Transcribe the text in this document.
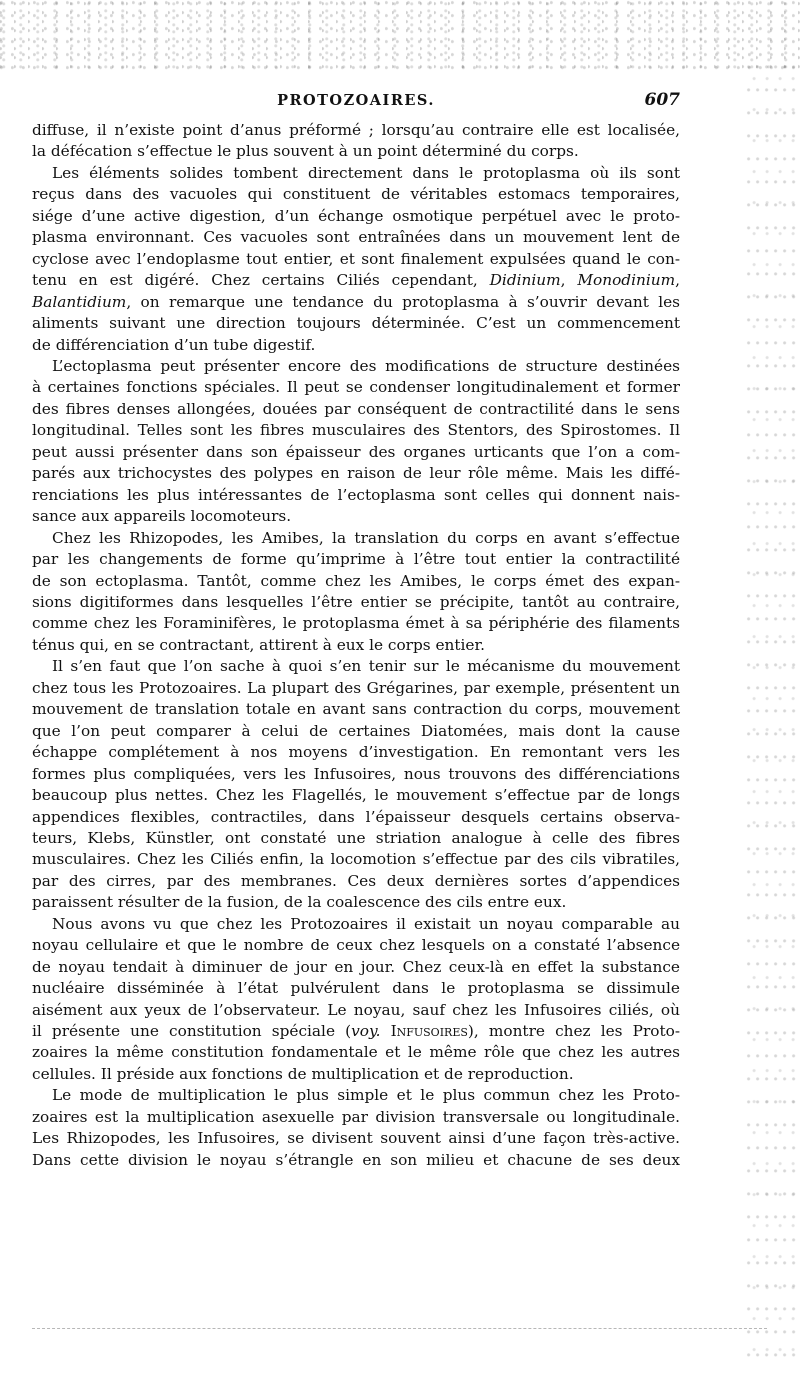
PROTOZOAIRES.	607
diffuse, il n’existe point d’anus préformé ; lorsqu’au contraire elle est localisée,
la défécation s’effectue le plus souvent à un point déterminé du corps.
Les éléments solides tombent directement dans le protoplasma où ils sont
reçus dans des vacuoles qui constituent de véritables estomacs temporaires,
siége d’une active digestion, d’un échange osmotique perpétuel avec le proto-
plasma environnant. Ces vacuoles sont entraînées dans un mouvement lent de
cyclose avec l’endoplasme tout entier, et sont finalement expulsées quand le con-
tenu en est digéré. Chez certains Ciliés cependant, Didinium, Monodinium,
Balantidium, on remarque une tendance du protoplasma à s’ouvrir devant les
aliments suivant une direction toujours déterminée. C’est un commencement
de différenciation d’un tube digestif.
L’ectoplasma peut présenter encore des modifications de structure destinées
à certaines fonctions spéciales. Il peut se condenser longitudinalement et former
des fibres denses allongées, douées par conséquent de contractilité dans le sens
longitudinal. Telles sont les fibres musculaires des Stentors, des Spirostomes. Il
peut aussi présenter dans son épaisseur des organes urticants que l’on a com-
parés aux trichocystes des polypes en raison de leur rôle même. Mais les diffé-
renciations les plus intéressantes de l’ectoplasma sont celles qui donnent nais-
sance aux appareils locomoteurs.
Chez les Rhizopodes, les Amibes, la translation du corps en avant s’effectue
par les changements de forme qu’imprime à l’être tout entier la contractilité
de son ectoplasma. Tantôt, comme chez les Amibes, le corps émet des expan-
sions digitiformes dans lesquelles l’être entier se précipite, tantôt au contraire,
comme chez les Foraminifères, le protoplasma émet à sa périphérie des filaments
ténus qui, en se contractant, attirent à eux le corps entier.
Il s’en faut que l’on sache à quoi s’en tenir sur le mécanisme du mouvement
chez tous les Protozoaires. La plupart des Grégarines, par exemple, présentent un
mouvement de translation totale en avant sans contraction du corps, mouvement
que l’on peut comparer à celui de certaines Diatomées, mais dont la cause
échappe complétement à nos moyens d’investigation. En remontant vers les
formes plus compliquées, vers les Infusoires, nous trouvons des différenciations
beaucoup plus nettes. Chez les Flagellés, le mouvement s’effectue par de longs
appendices flexibles, contractiles, dans l’épaisseur desquels certains observa-
teurs, Klebs, Künstler, ont constaté une striation analogue à celle des fibres
musculaires. Chez les Ciliés enfin, la locomotion s’effectue par des cils vibratiles,
par des cirres, par des membranes. Ces deux dernières sortes d’appendices
paraissent résulter de la fusion, de la coalescence des cils entre eux.
Nous avons vu que chez les Protozoaires il existait un noyau comparable au
noyau cellulaire et que le nombre de ceux chez lesquels on a constaté l’absence
de noyau tendait à diminuer de jour en jour. Chez ceux-là en effet la substance
nucléaire disséminée à l’état pulvérulent dans le protoplasma se dissimule
aisément aux yeux de l’observateur. Le noyau, sauf chez les Infusoires ciliés, où
il présente une constitution spéciale (voy. Infusoires), montre chez les Proto-
zoaires la même constitution fondamentale et le même rôle que chez les autres
cellules. Il préside aux fonctions de multiplication et de reproduction.
Le mode de multiplication le plus simple et le plus commun chez les Proto-
zoaires est la multiplication asexuelle par division transversale ou longitudinale.
Les Rhizopodes, les Infusoires, se divisent souvent ainsi d’une façon très-active.
Dans cette division le noyau s’étrangle en son milieu et chacune de ses deux
